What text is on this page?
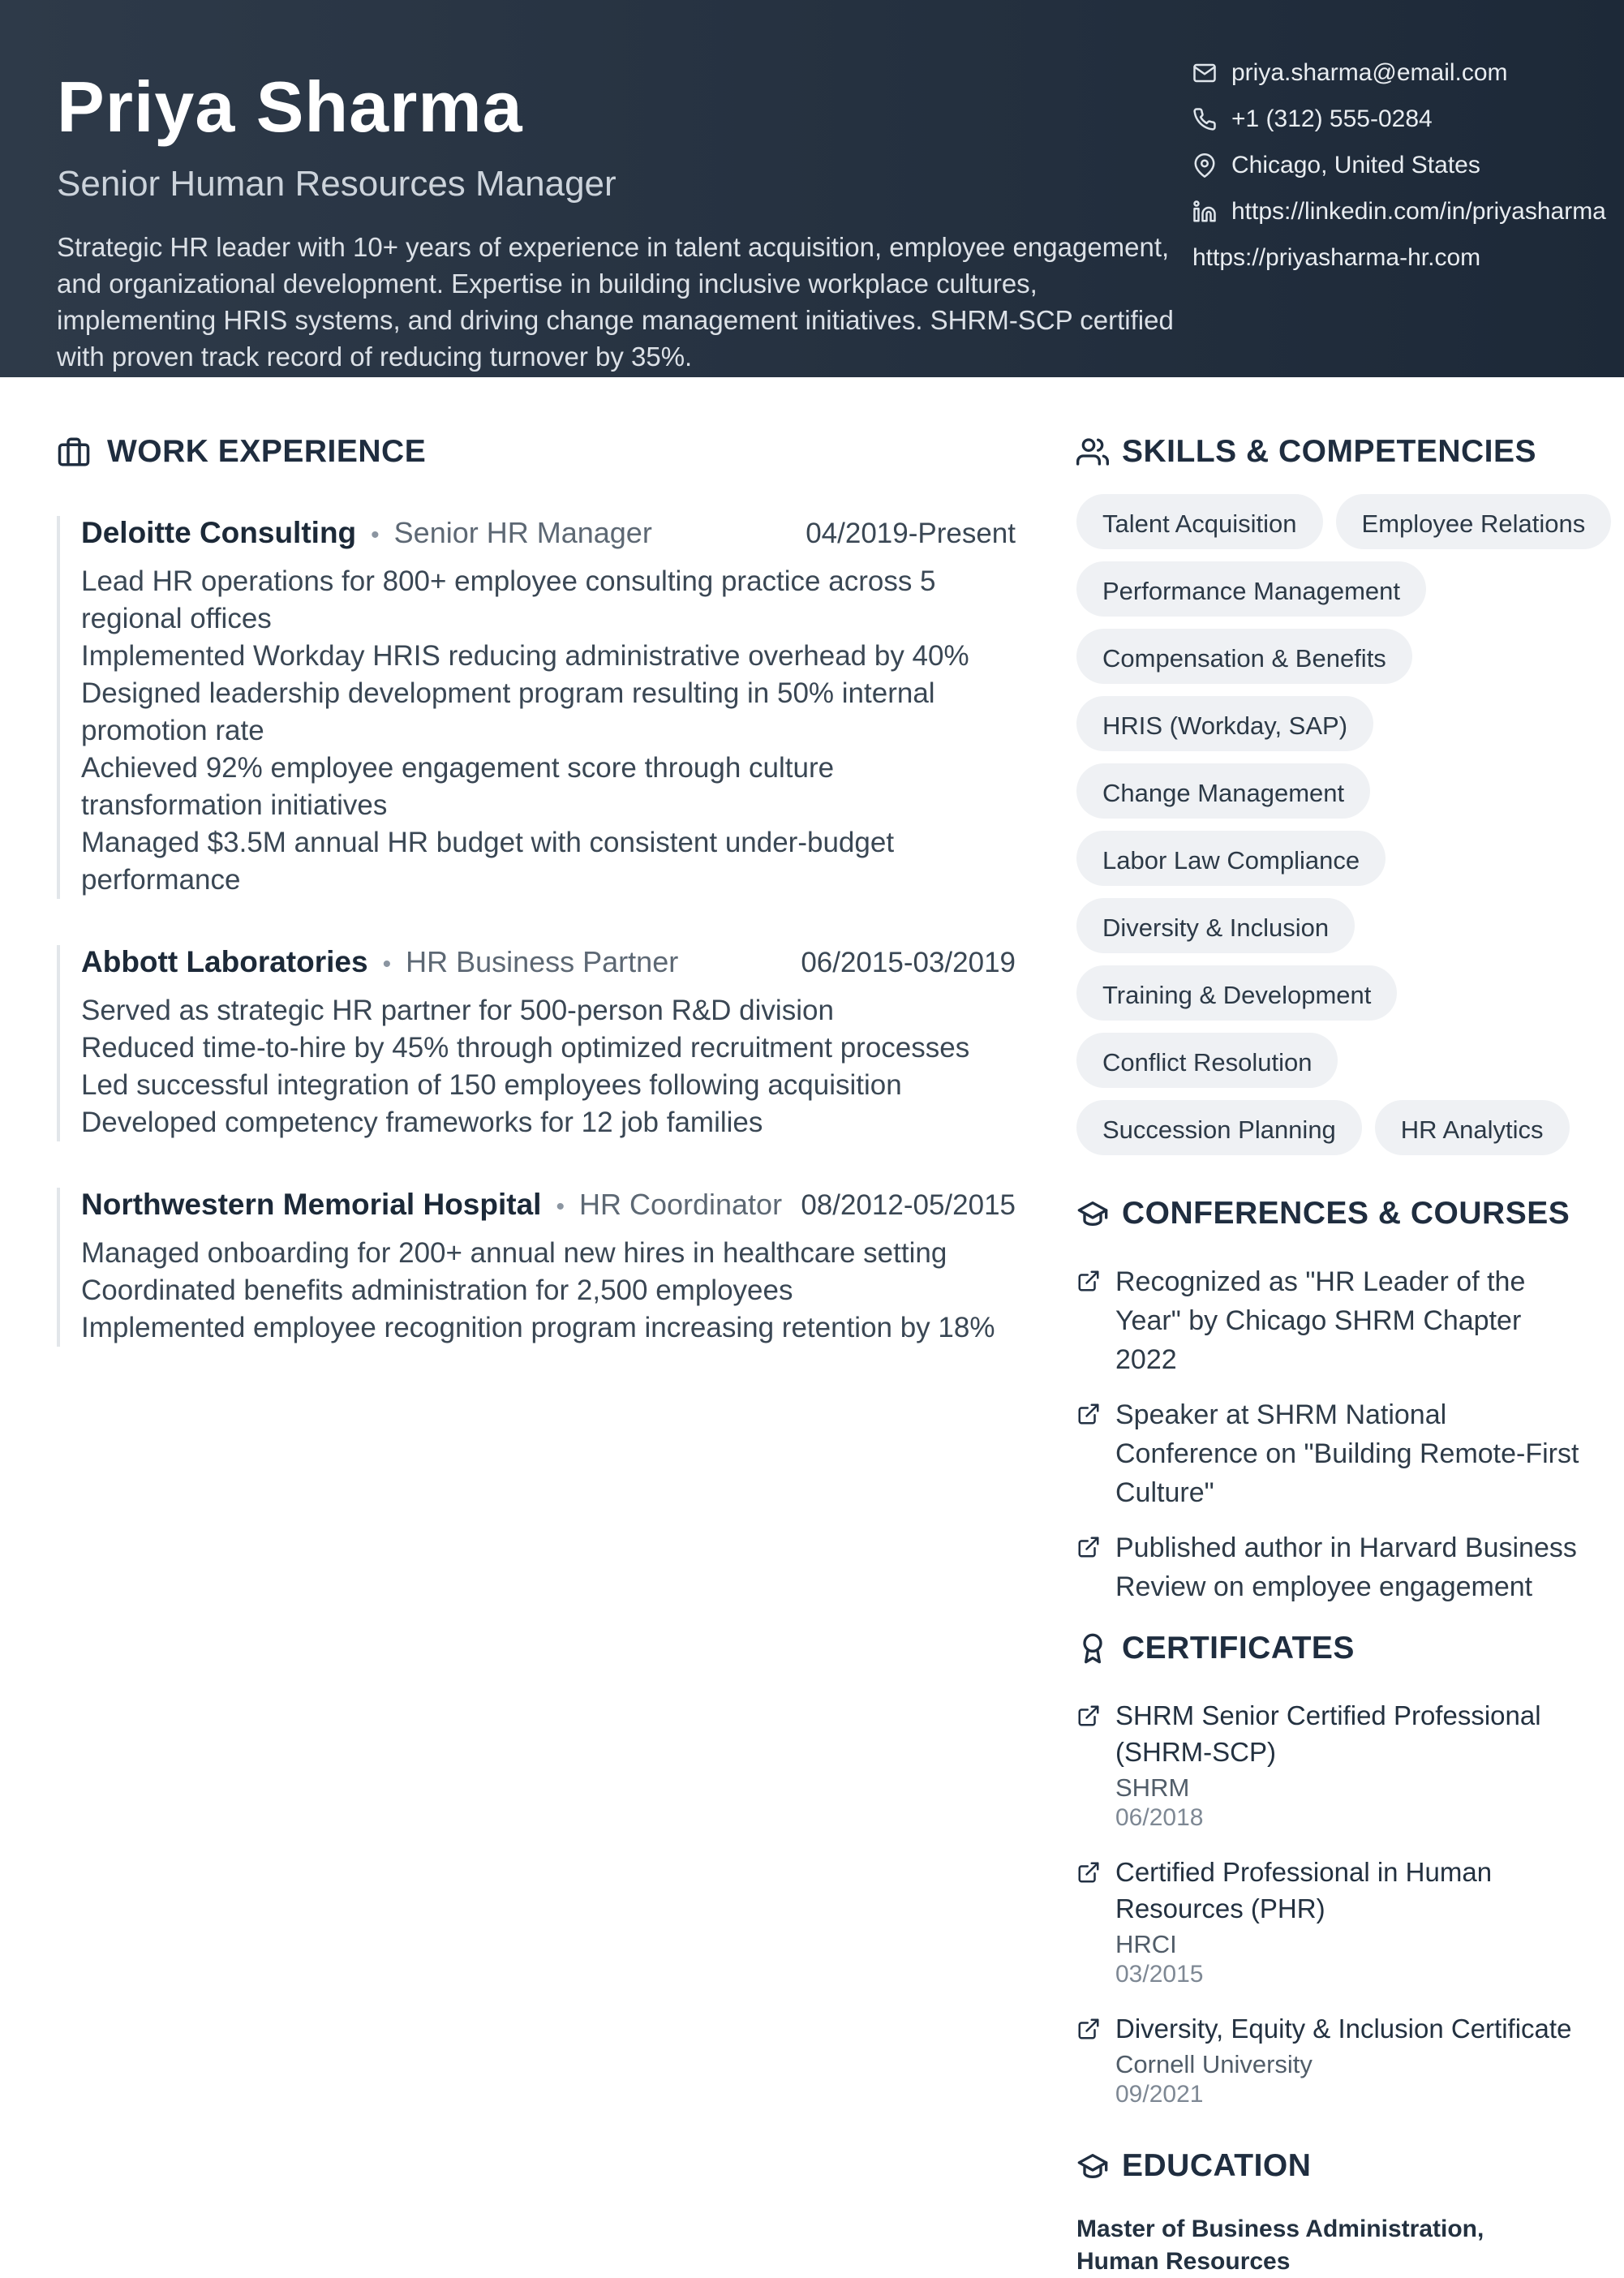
Priya Sharma
Senior Human Resources Manager

Strategic HR leader with 10+ years of experience in talent acquisition, employee engagement, and organizational development. Expertise in building inclusive workplace cultures, implementing HRIS systems, and driving change management initiatives. SHRM-SCP certified with proven track record of reducing turnover by 35%.

priya.sharma@email.com
+1 (312) 555-0284
Chicago, United States
https://linkedin.com/in/priyasharma
https://priyasharma-hr.com
WORK EXPERIENCE
Deloitte Consulting • Senior HR Manager	04/2019-Present
Lead HR operations for 800+ employee consulting practice across 5 regional offices
Implemented Workday HRIS reducing administrative overhead by 40%
Designed leadership development program resulting in 50% internal promotion rate
Achieved 92% employee engagement score through culture transformation initiatives
Managed $3.5M annual HR budget with consistent under-budget performance
Abbott Laboratories • HR Business Partner	06/2015-03/2019
Served as strategic HR partner for 500-person R&D division
Reduced time-to-hire by 45% through optimized recruitment processes
Led successful integration of 150 employees following acquisition
Developed competency frameworks for 12 job families
Northwestern Memorial Hospital • HR Coordinator 08/2012-05/2015
Managed onboarding for 200+ annual new hires in healthcare setting
Coordinated benefits administration for 2,500 employees
Implemented employee recognition program increasing retention by 18%
SKILLS & COMPETENCIES
Talent Acquisition	Employee Relations
Performance Management
Compensation & Benefits
HRIS (Workday, SAP)
Change Management
Labor Law Compliance
Diversity & Inclusion
Training & Development
Conflict Resolution
Succession Planning	HR Analytics
CONFERENCES & COURSES
Recognized as "HR Leader of the Year" by Chicago SHRM Chapter 2022
Speaker at SHRM National Conference on "Building Remote-First Culture"
Published author in Harvard Business Review on employee engagement
CERTIFICATES
SHRM Senior Certified Professional (SHRM-SCP)
SHRM
06/2018
Certified Professional in Human Resources (PHR)
HRCI
03/2015
Diversity, Equity & Inclusion Certificate
Cornell University
09/2021
EDUCATION
Master of Business Administration, Human Resources
